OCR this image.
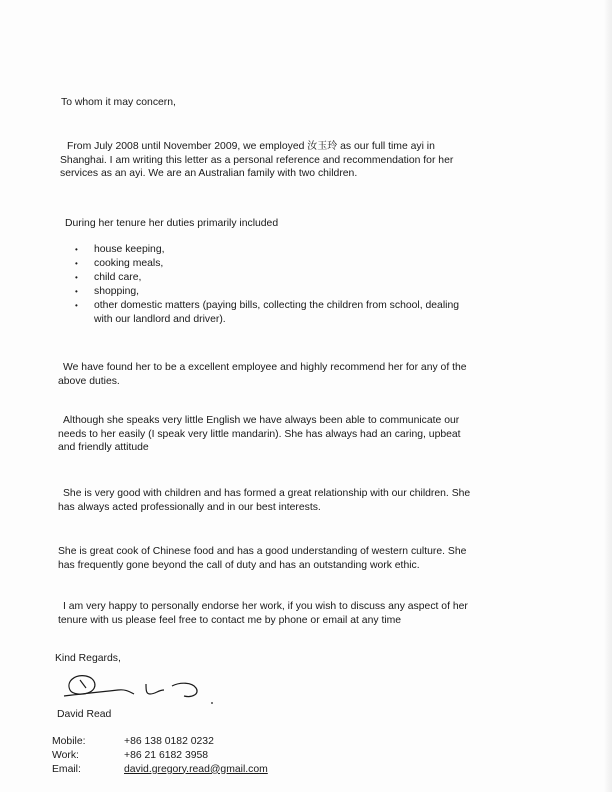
To whom it may concern,
From July 2008 until November 2009, we employed 汝玉玲 as our full time ayi in
Shanghai. I am writing this letter as a personal reference and recommendation for her
services as an ayi. We are an Australian family with two children.
During her tenure her duties primarily included
• house keeping,
• cooking meals,
• child care,
• shopping,
• other domestic matters (paying bills, collecting the children from school, dealing
with our landlord and driver).
We have found her to be a excellent employee and highly recommend her for any of the
above duties.
Although she speaks very little English we have always been able to communicate our
needs to her easily (I speak very little mandarin). She has always had an caring, upbeat
and friendly attitude
She is very good with children and has formed a great relationship with our children. She
has always acted professionally and in our best interests.
She is great cook of Chinese food and has a good understanding of western culture. She
has frequently gone beyond the call of duty and has an outstanding work ethic.
I am very happy to personally endorse her work, if you wish to discuss any aspect of her
tenure with us please feel free to contact me by phone or email at any time
Kind Regards,
David Read
Mobile:	+86 138 0182 0232
Work:	+86 21 6182 3958
Email:	david.gregory.read@gmail.com
